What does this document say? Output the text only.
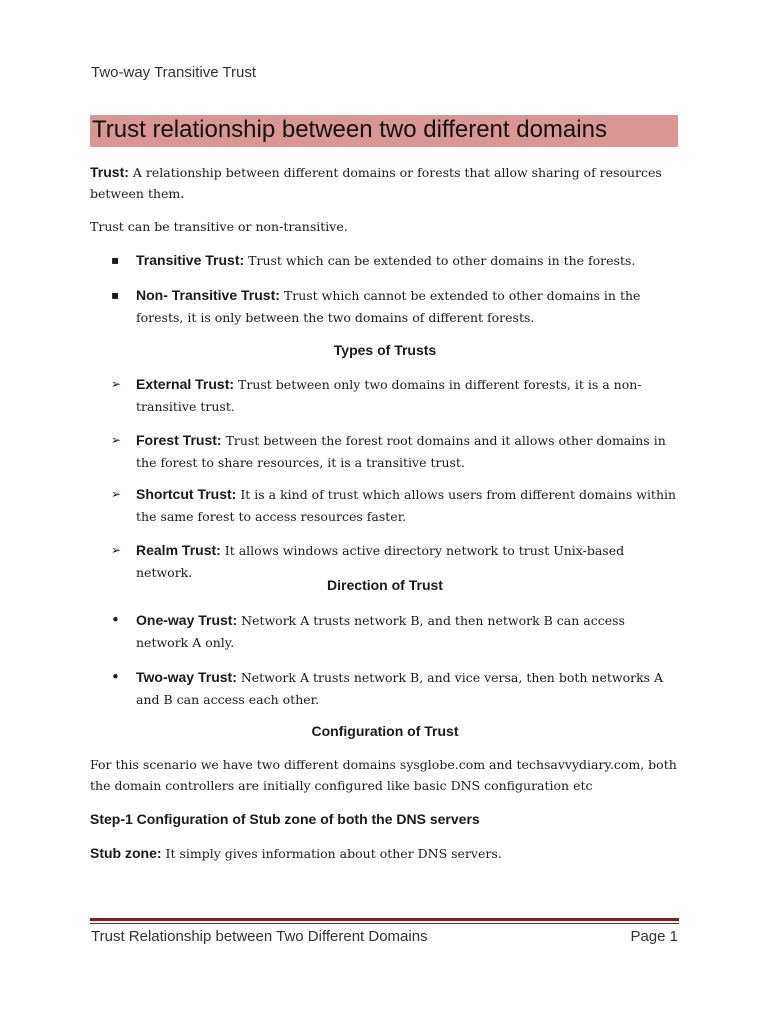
Two-way Transitive Trust
Trust relationship between two different domains
Trust: A relationship between different domains or forests that allow sharing of resources between them.
Trust can be transitive or non-transitive.
▪ Transitive Trust: Trust which can be extended to other domains in the forests.
▪ Non- Transitive Trust: Trust which cannot be extended to other domains in the forests, it is only between the two domains of different forests.
Types of Trusts
➢ External Trust: Trust between only two domains in different forests, it is a non-transitive trust.
➢ Forest Trust: Trust between the forest root domains and it allows other domains in the forest to share resources, it is a transitive trust.
➢ Shortcut Trust: It is a kind of trust which allows users from different domains within the same forest to access resources faster.
➢ Realm Trust: It allows windows active directory network to trust Unix-based network.
Direction of Trust
• One-way Trust: Network A trusts network B, and then network B can access network A only.
• Two-way Trust: Network A trusts network B, and vice versa, then both networks A and B can access each other.
Configuration of Trust
For this scenario we have two different domains sysglobe.com and techsavvydiary.com, both the domain controllers are initially configured like basic DNS configuration etc
Step-1 Configuration of Stub zone of both the DNS servers
Stub zone: It simply gives information about other DNS servers.
Trust Relationship between Two Different Domains	Page 1
